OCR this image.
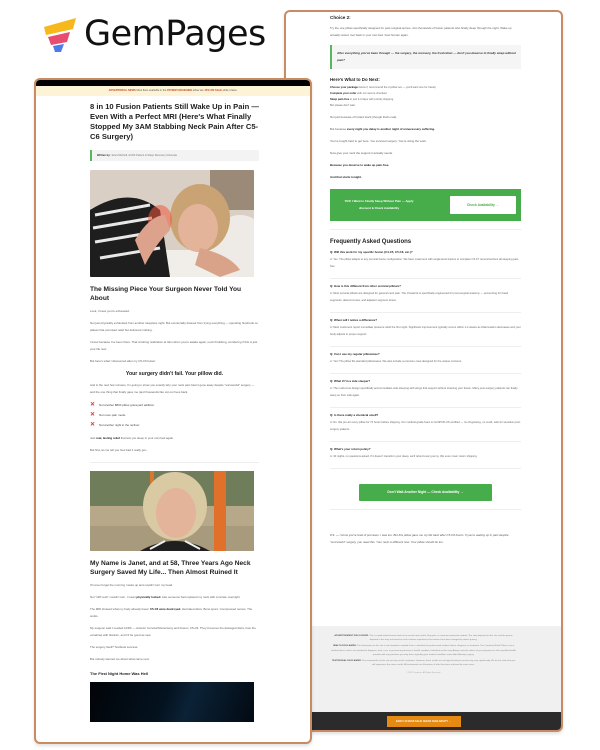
GemPages	Choice 2:

Try the one pillow specifically designed for post-surgical spines. Join thousands of fusion patients who finally sleep through the night. Wake up actually rested. Get back in your own bed. Feel human again.

After everything you've been through — the surgery, the recovery, the frustration — don't you deserve to finally sleep without pain?
Here's What to Do Next:
Choose your package below (I recommend the 2-pillow set — you'll want one for travel)
Complete your order with our secure checkout
Sleep pain-free in just 2-3 days with priority shipping
But please don't wait.

Not just because of limited stock (though that's real).

But because every night you delay is another night of unnecessary suffering.

You've fought hard to get here. You survived surgery. You're doing the work.

Now give your neck the support it actually needs.

Because you deserve to wake up pain-free.

And that starts tonight.

YES! I Want to Finally Sleep Without Pain — Apply discount & Check Availability
Check Availability →
Frequently Asked Questions
Q: Will this work for my specific fusion (C4-C5, C5-C6, etc.)?
A: Yes. The pillow adapts to any cervical fusion configuration. We have customers with single-level fusions to complete C3-C7 reconstructions all sleeping pain-free.
Q: How is this different from other cervical pillows?
A: Most cervical pillows are designed for general neck pain. The Ornaterra is specifically engineered for post-surgical anatomy — accounting for fused segments, altered curves, and adjacent segment stress.
Q: When will I notice a difference?
A: Most customers report immediate pressure relief the first night. Significant improvement typically occurs within 1-2 weeks as inflammation decreases and your body adjusts to proper support.
Q: Can I use my regular pillowcase?
A: Yes! The pillow fits standard pillowcases. We also include a premium case designed for the unique contours.
Q: What if I'm a side sleeper?
A: The multi-zone design specifically accommodates side sleeping with wings that support without straining your fusion. Many post-surgery patients can finally sleep on their side again.
Q: Is there really a chemical smell?
A: No. We pre-air every pillow for 72 hours before shipping. Our medical-grade foam is CertiPUR-US certified — no off-gassing, no smell, safe for sensitive post-surgery patients.
Q: What's your return policy?
A: 30 nights, no questions asked. If it doesn't transform your sleep, we'll refund every penny. We even cover return shipping.
Don't Wait Another Night — Check Availability →

P.S. — I know you're tired of promises. I was too. But this pillow gave me my life back after C5-C6 fusion. If you're waking up in pain despite "successful" surgery, you need this. Your neck is different now. Your pillow should be too.

ADVERTISEMENT DISCLOSURE: This is a paid advertisement and not an actual news article, blog post, or consumer protection update. The story depicted on this site and the person depicted in the story are based on real customer experiences but names have been changed to protect privacy.

HEALTH DISCLAIMER: The information on this site is not intended or implied to be a substitute for professional medical advice, diagnosis or treatment. The Ornaterra Relief Pillow is not a medical device and is not intended to diagnose, treat, cure, or prevent any disease or health condition. Individual results vary. Always seek the advice of your physician or other qualified health provider with any questions you may have regarding your medical condition, especially following surgery.

TESTIMONIAL DISCLAIMER: The testimonials on this site are from actual customers. However, these results are not typical and your results may vary significantly. We do not claim that you will experience the same results. All testimonials are illustrative of what has been achieved by some users.

© 2025 Ornaterra. All Rights Reserved.
EARLY ACCESS SALE! CHECK AVAILABILITY →
ADVERTORIAL NEWS Most fliers available in the PATIENT-DESIGNED pillow are 40% ON SALE while it lasts.
8 in 10 Fusion Patients Still Wake Up in Pain — Even With a Perfect MRI (Here's What Finally Stopped My 3AM Stabbing Neck Pain After C5-C6 Surgery)
Written by: Janet Mitchell, ACDF Patient & Sleep Recovery Advocate
The Missing Piece Your Surgeon Never Told You About

Look, I know you're exhausted.

Not just physically exhausted from another sleepless night. But emotionally drained from trying everything — spending hundreds on pillows that promised relief but delivered nothing.

I know because I've been there. That crushing realization at 3am when you're awake again, neck throbbing, wondering if this is just your life now.

But here's what I discovered after my C5-C6 fusion:

Your surgery didn't fail. Your pillow did.

And in the next few minutes, I'm going to show you exactly why your neck pain hasn't gone away despite "successful" surgery — and the one thing that finally gave me (and thousands like us) our lives back.

✕	Not another $800 pillow graveyard addition.
✕	Not more pain meds.
✕	Not another night in the recliner.

Just real, lasting relief that lets you sleep in your own bed again.

But first, let me tell you how bad it really got...

My Name is Janet, and at 58, Three Years Ago Neck Surgery Saved My Life... Then Almost Ruined It

I'll never forget the morning I woke up and couldn't turn my head.

Not "stiff neck" couldn't turn. I mean physically locked. Like someone had replaced my neck with concrete overnight.

The MRI showed what my body already knew: C5-C6 were destroyed. Herniated discs. Bone spurs. Compressed nerves. The works.

My surgeon said I needed ACDF — Anterior Cervical Discectomy and Fusion. C5-C6. They'd remove the damaged discs, fuse the vertebrae with titanium, and I'd be good as new.

The surgery itself? Textbook success.

But nobody warned me about what came next.

The First Night Home Was Hell
